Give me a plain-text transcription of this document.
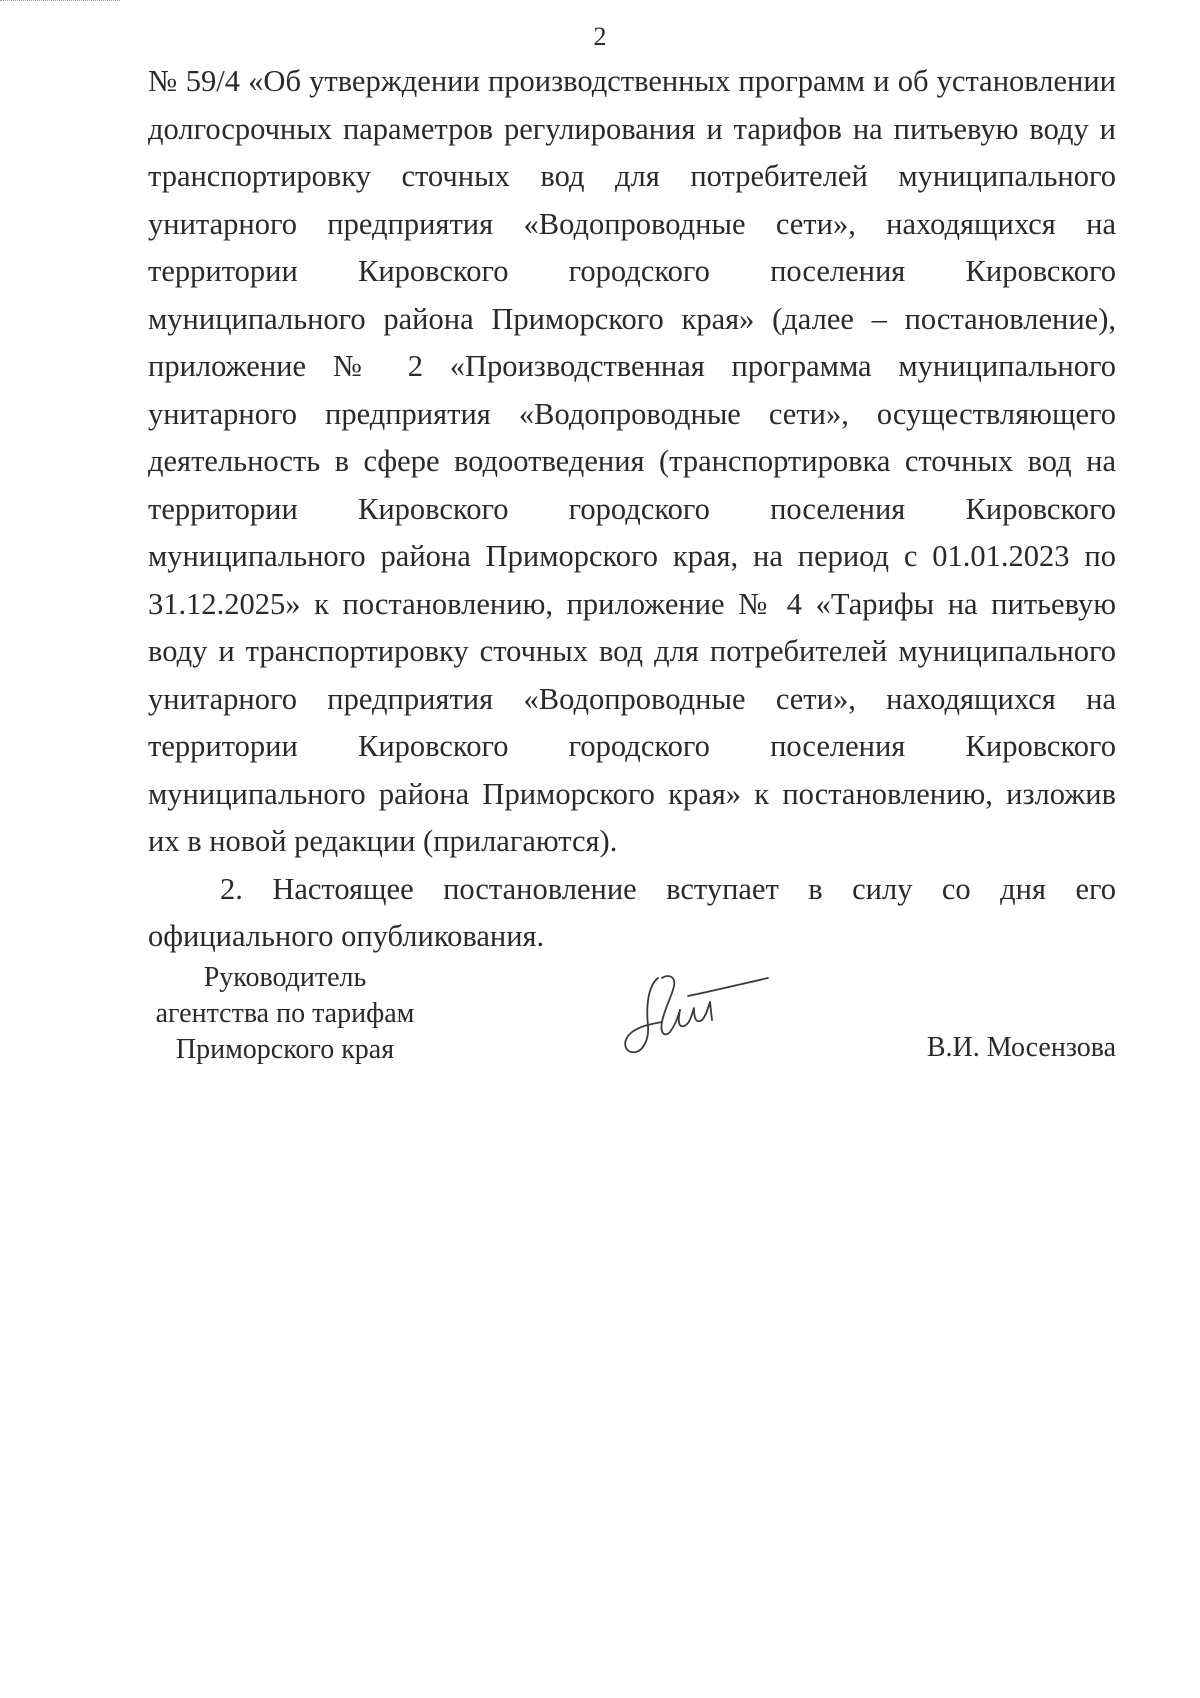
2

№ 59/4 «Об утверждении производственных программ и об установлении долгосрочных параметров регулирования и тарифов на питьевую воду и транспортировку сточных вод для потребителей муниципального унитарного предприятия «Водопроводные сети», находящихся на территории Кировского городского поселения Кировского муниципального района Приморского края» (далее – постановление), приложение № 2 «Производственная программа муниципального унитарного предприятия «Водопроводные сети», осуществляющего деятельность в сфере водоотведения (транспортировка сточных вод на территории Кировского городского поселения Кировского муниципального района Приморского края, на период с 01.01.2023 по 31.12.2025» к постановлению, приложение № 4 «Тарифы на питьевую воду и транспортировку сточных вод для потребителей муниципального унитарного предприятия «Водопроводные сети», находящихся на территории Кировского городского поселения Кировского муниципального района Приморского края» к постановлению, изложив их в новой редакции (прилагаются).

2. Настоящее постановление вступает в силу со дня его официального опубликования.

Руководитель
агентства по тарифам
Приморского края	В.И. Мосензова
